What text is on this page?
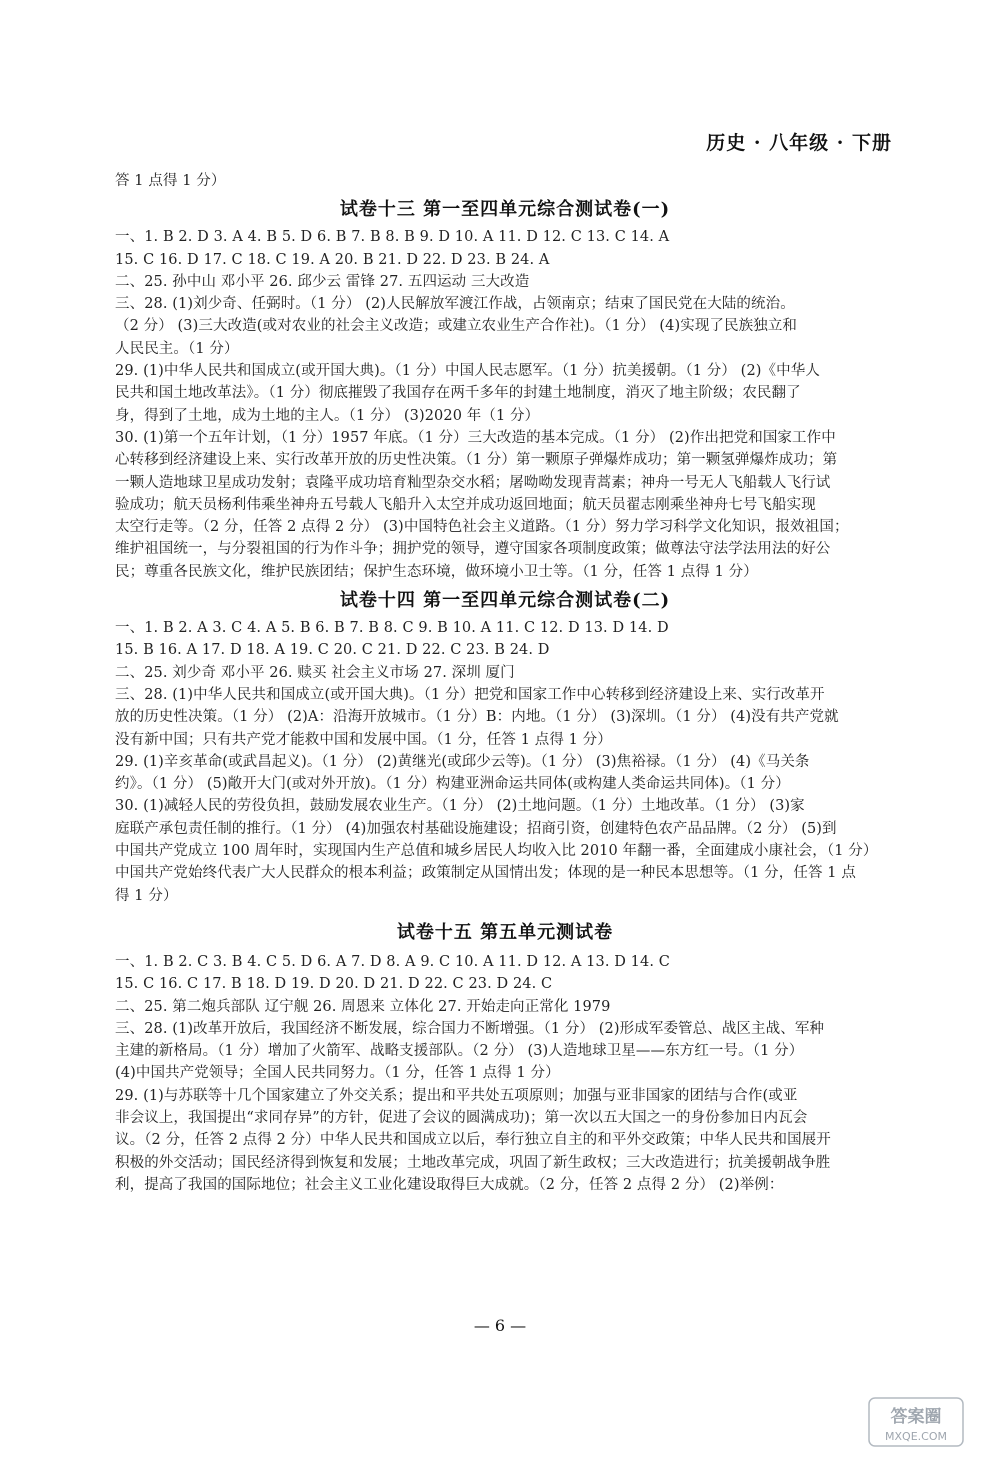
历史 · 八年级 · 下册
答 1 点得 1 分）
试卷十三 第一至四单元综合测试卷(一)
一、1. B 2. D 3. A 4. B 5. D 6. B 7. B 8. B 9. D 10. A 11. D 12. C 13. C 14. A
15. C 16. D 17. C 18. C 19. A 20. B 21. D 22. D 23. B 24. A
二、25. 孙中山 邓小平 26. 邱少云 雷锋 27. 五四运动 三大改造
三、28. (1)刘少奇、任弼时。（1 分） (2)人民解放军渡江作战，占领南京；结束了国民党在大陆的统治。
（2 分） (3)三大改造(或对农业的社会主义改造；或建立农业生产合作社)。（1 分） (4)实现了民族独立和
人民民主。（1 分）
29. (1)中华人民共和国成立(或开国大典)。（1 分）中国人民志愿军。（1 分）抗美援朝。（1 分） (2)《中华人
民共和国土地改革法》。（1 分）彻底摧毁了我国存在两千多年的封建土地制度，消灭了地主阶级；农民翻了
身，得到了土地，成为土地的主人。（1 分） (3)2020 年（1 分）
30. (1)第一个五年计划，（1 分）1957 年底。（1 分）三大改造的基本完成。（1 分） (2)作出把党和国家工作中
心转移到经济建设上来、实行改革开放的历史性决策。（1 分）第一颗原子弹爆炸成功；第一颗氢弹爆炸成功；第
一颗人造地球卫星成功发射；袁隆平成功培育籼型杂交水稻；屠呦呦发现青蒿素；神舟一号无人飞船载人飞行试
验成功；航天员杨利伟乘坐神舟五号载人飞船升入太空并成功返回地面；航天员翟志刚乘坐神舟七号飞船实现
太空行走等。（2 分，任答 2 点得 2 分） (3)中国特色社会主义道路。（1 分）努力学习科学文化知识，报效祖国；
维护祖国统一，与分裂祖国的行为作斗争；拥护党的领导，遵守国家各项制度政策；做尊法守法学法用法的好公
民；尊重各民族文化，维护民族团结；保护生态环境，做环境小卫士等。（1 分，任答 1 点得 1 分）
试卷十四 第一至四单元综合测试卷(二)
一、1. B 2. A 3. C 4. A 5. B 6. B 7. B 8. C 9. B 10. A 11. C 12. D 13. D 14. D
15. B 16. A 17. D 18. A 19. C 20. C 21. D 22. C 23. B 24. D
二、25. 刘少奇 邓小平 26. 赎买 社会主义市场 27. 深圳 厦门
三、28. (1)中华人民共和国成立(或开国大典)。（1 分）把党和国家工作中心转移到经济建设上来、实行改革开
放的历史性决策。（1 分） (2)A：沿海开放城市。（1 分）B：内地。（1 分） (3)深圳。（1 分） (4)没有共产党就
没有新中国；只有共产党才能救中国和发展中国。（1 分，任答 1 点得 1 分）
29. (1)辛亥革命(或武昌起义)。（1 分） (2)黄继光(或邱少云等)。（1 分） (3)焦裕禄。（1 分） (4)《马关条
约》。（1 分） (5)敞开大门(或对外开放)。（1 分）构建亚洲命运共同体(或构建人类命运共同体)。（1 分）
30. (1)减轻人民的劳役负担，鼓励发展农业生产。（1 分） (2)土地问题。（1 分）土地改革。（1 分） (3)家
庭联产承包责任制的推行。（1 分） (4)加强农村基础设施建设；招商引资，创建特色农产品品牌。（2 分） (5)到
中国共产党成立 100 周年时，实现国内生产总值和城乡居民人均收入比 2010 年翻一番，全面建成小康社会，（1 分）
中国共产党始终代表广大人民群众的根本利益；政策制定从国情出发；体现的是一种民本思想等。（1 分，任答 1 点
得 1 分）
试卷十五 第五单元测试卷
一、1. B 2. C 3. B 4. C 5. D 6. A 7. D 8. A 9. C 10. A 11. D 12. A 13. D 14. C
15. C 16. C 17. B 18. D 19. D 20. D 21. D 22. C 23. D 24. C
二、25. 第二炮兵部队 辽宁舰 26. 周恩来 立体化 27. 开始走向正常化 1979
三、28. (1)改革开放后，我国经济不断发展，综合国力不断增强。（1 分） (2)形成军委管总、战区主战、军种
主建的新格局。（1 分）增加了火箭军、战略支援部队。（2 分） (3)人造地球卫星——东方红一号。（1 分）
(4)中国共产党领导；全国人民共同努力。（1 分，任答 1 点得 1 分）
29. (1)与苏联等十几个国家建立了外交关系；提出和平共处五项原则；加强与亚非国家的团结与合作(或亚
非会议上，我国提出“求同存异”的方针，促进了会议的圆满成功)；第一次以五大国之一的身份参加日内瓦会
议。（2 分，任答 2 点得 2 分）中华人民共和国成立以后，奉行独立自主的和平外交政策；中华人民共和国展开
积极的外交活动；国民经济得到恢复和发展；土地改革完成，巩固了新生政权；三大改造进行；抗美援朝战争胜
利，提高了我国的国际地位；社会主义工业化建设取得巨大成就。（2 分，任答 2 点得 2 分） (2)举例：
— 6 —
答案圈
MXQE.COM
